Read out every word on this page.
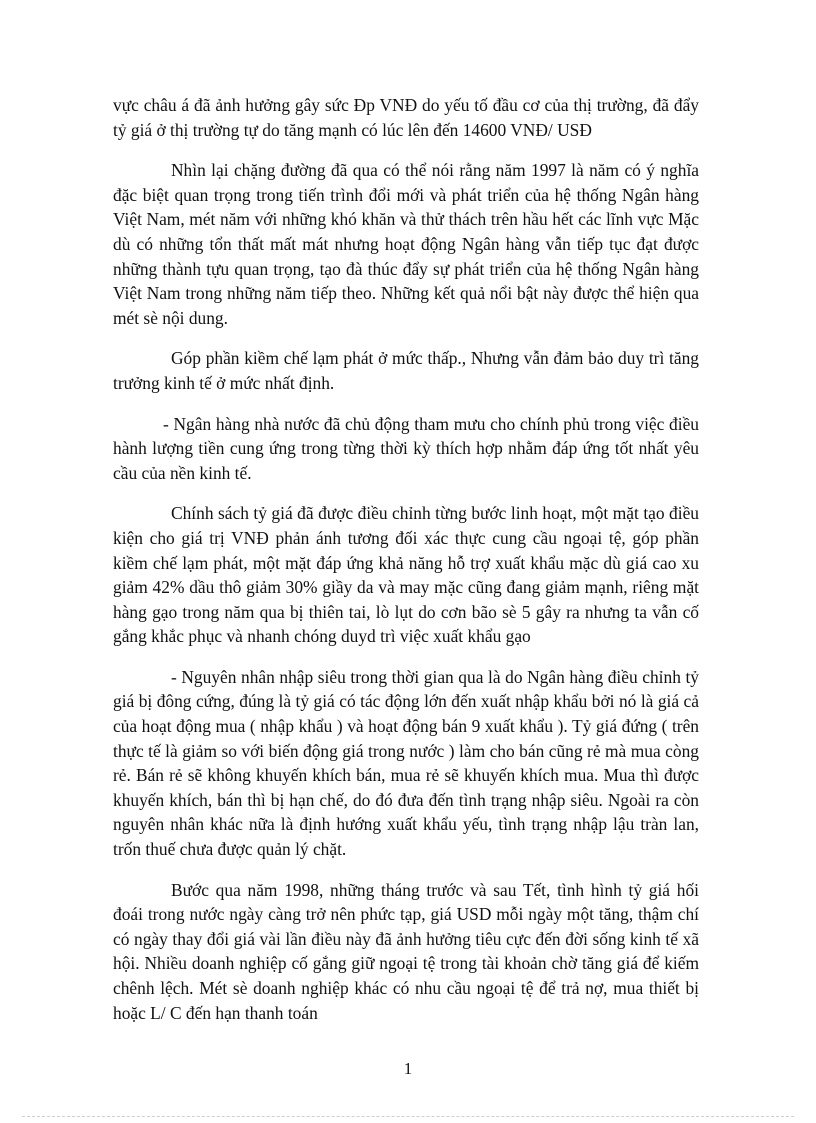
vực châu á đã ảnh hưởng gây sức Ðp VNĐ do yếu tố đầu cơ của thị trường, đã đẩy tỷ giá ở thị trường tự do tăng mạnh có lúc lên đến 14600 VNĐ/ USĐ

Nhìn lại chặng đường đã qua có thể nói rằng năm 1997 là năm có ý nghĩa đặc biệt quan trọng trong tiến trình đổi mới và phát triển của hệ thống Ngân hàng Việt Nam, mét năm với những khó khăn và thử thách trên hầu hết các lĩnh vực Mặc dù có những tổn thất mất mát nhưng hoạt động Ngân hàng vẫn tiếp tục đạt được những thành tựu quan trọng, tạo đà thúc đẩy sự phát triển của hệ thống Ngân hàng Việt Nam trong những năm tiếp theo. Những kết quả nổi bật này được thể hiện qua mét sè nội dung.

Góp phần kiềm chế lạm phát ở mức thấp., Nhưng vẫn đảm bảo duy trì tăng trưởng kinh tế ở mức nhất định.

- Ngân hàng nhà nước đã chủ động tham mưu cho chính phủ trong việc điều hành lượng tiền cung ứng trong từng thời kỳ thích hợp nhằm đáp ứng tốt nhất yêu cầu của nền kinh tế.

Chính sách tỷ giá đã được điều chỉnh từng bước linh hoạt, một mặt tạo điều kiện cho giá trị VNĐ phản ánh tương đối xác thực cung cầu ngoại tệ, góp phần kiềm chế lạm phát, một mặt đáp ứng khả năng hỗ trợ xuất khẩu mặc dù giá cao xu giảm 42% dầu thô giảm 30% giầy da và may mặc cũng đang giảm mạnh, riêng mặt hàng gạo trong năm qua bị thiên tai, lò lụt do cơn bão sè 5 gây ra nhưng ta vẫn cố gắng khắc phục và nhanh chóng duyd trì việc xuất khẩu gạo

- Nguyên nhân nhập siêu trong thời gian qua là do Ngân hàng điều chỉnh tỷ giá bị đông cứng, đúng là tỷ giá có tác động lớn đến xuất nhập khẩu bởi nó là giá cả của hoạt động mua ( nhập khẩu ) và hoạt động bán 9 xuất khẩu ). Tỷ giá đứng ( trên thực tế là giảm so với biến động giá trong nước ) làm cho bán cũng rẻ mà mua còng rẻ. Bán rẻ sẽ không khuyến khích bán, mua rẻ sẽ khuyến khích mua. Mua thì được khuyến khích, bán thì bị hạn chế, do đó đưa đến tình trạng nhập siêu. Ngoài ra còn nguyên nhân khác nữa là định hướng xuất khẩu yếu, tình trạng nhập lậu tràn lan, trốn thuế chưa được quản lý chặt.

Bước qua năm 1998, những tháng trước và sau Tết, tình hình tỷ giá hối đoái trong nước ngày càng trở nên phức tạp, giá USD mỗi ngày một tăng, thậm chí có ngày thay đổi giá vài lần điều này đã ảnh hưởng tiêu cực đến đời sống kinh tế xã hội. Nhiều doanh nghiệp cố gắng giữ ngoại tệ trong tài khoản chờ tăng giá để kiếm chênh lệch. Mét sè doanh nghiệp khác có nhu cầu ngoại tệ để trả nợ, mua thiết bị hoặc L/ C đến hạn thanh toán

1
